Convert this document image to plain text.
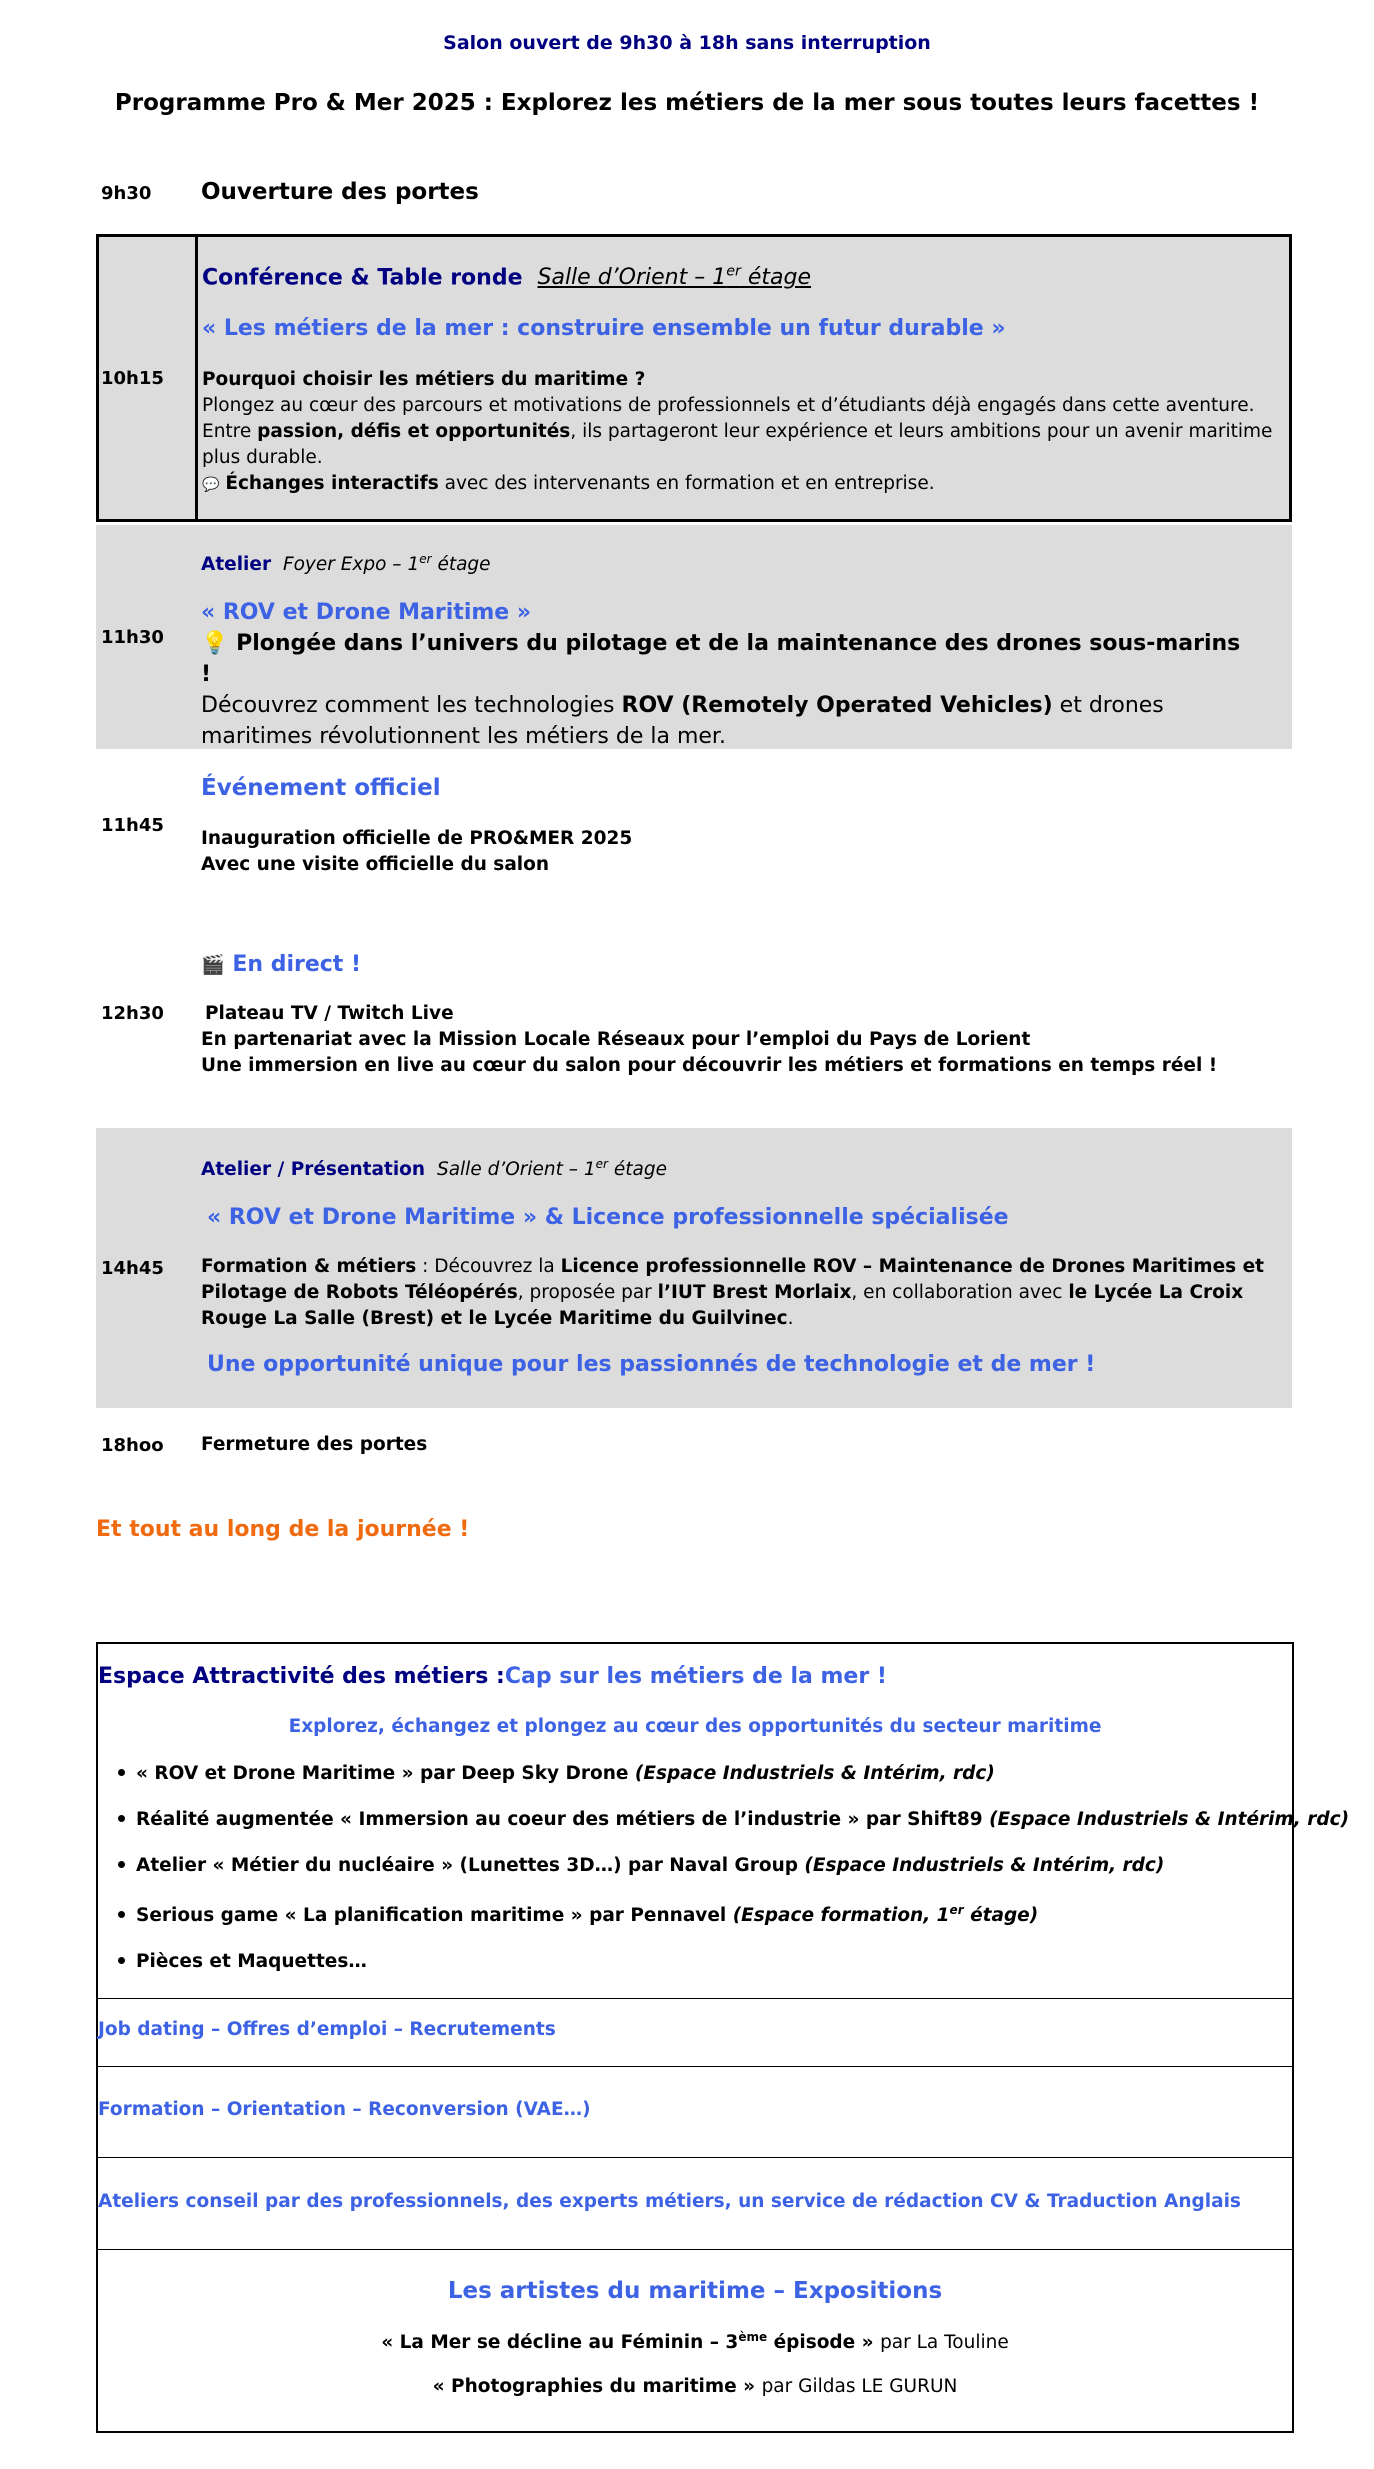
Salon ouvert de 9h30 à 18h sans interruption
Programme Pro & Mer 2025 : Explorez les métiers de la mer sous toutes leurs facettes !
9h30 Ouverture des portes
10h15
Conférence & Table ronde Salle d’Orient – 1er étage
« Les métiers de la mer : construire ensemble un futur durable »
Pourquoi choisir les métiers du maritime ?
Plongez au cœur des parcours et motivations de professionnels et d’étudiants déjà engagés dans cette aventure. Entre passion, défis et opportunités, ils partageront leur expérience et leurs ambitions pour un avenir maritime plus durable.
💬 Échanges interactifs avec des intervenants en formation et en entreprise.
11h30
Atelier Foyer Expo – 1er étage
« ROV et Drone Maritime »
💡 Plongée dans l’univers du pilotage et de la maintenance des drones sous-marins !
Découvrez comment les technologies ROV (Remotely Operated Vehicles) et drones maritimes révolutionnent les métiers de la mer.
11h45
Événement officiel
Inauguration officielle de PRO&MER 2025
Avec une visite officielle du salon
12h30
🎬 En direct !
Plateau TV / Twitch Live
En partenariat avec la Mission Locale Réseaux pour l’emploi du Pays de Lorient
Une immersion en live au cœur du salon pour découvrir les métiers et formations en temps réel !
14h45
Atelier / Présentation Salle d’Orient – 1er étage
« ROV et Drone Maritime » & Licence professionnelle spécialisée
Formation & métiers : Découvrez la Licence professionnelle ROV – Maintenance de Drones Maritimes et Pilotage de Robots Téléopérés, proposée par l’IUT Brest Morlaix, en collaboration avec le Lycée La Croix Rouge La Salle (Brest) et le Lycée Maritime du Guilvinec.
Une opportunité unique pour les passionnés de technologie et de mer !
18hoo Fermeture des portes
Et tout au long de la journée !
Espace Attractivité des métiers :Cap sur les métiers de la mer !
Explorez, échangez et plongez au cœur des opportunités du secteur maritime
« ROV et Drone Maritime » par Deep Sky Drone (Espace Industriels & Intérim, rdc)
Réalité augmentée « Immersion au coeur des métiers de l’industrie » par Shift89 (Espace Industriels & Intérim, rdc)
Atelier « Métier du nucléaire » (Lunettes 3D…) par Naval Group (Espace Industriels & Intérim, rdc)
Serious game « La planification maritime » par Pennavel (Espace formation, 1er étage)
Pièces et Maquettes…
Job dating – Offres d’emploi – Recrutements
Formation – Orientation – Reconversion (VAE…)
Ateliers conseil par des professionnels, des experts métiers, un service de rédaction CV & Traduction Anglais
Les artistes du maritime – Expositions
« La Mer se décline au Féminin – 3ème épisode » par La Touline
« Photographies du maritime » par Gildas LE GURUN
